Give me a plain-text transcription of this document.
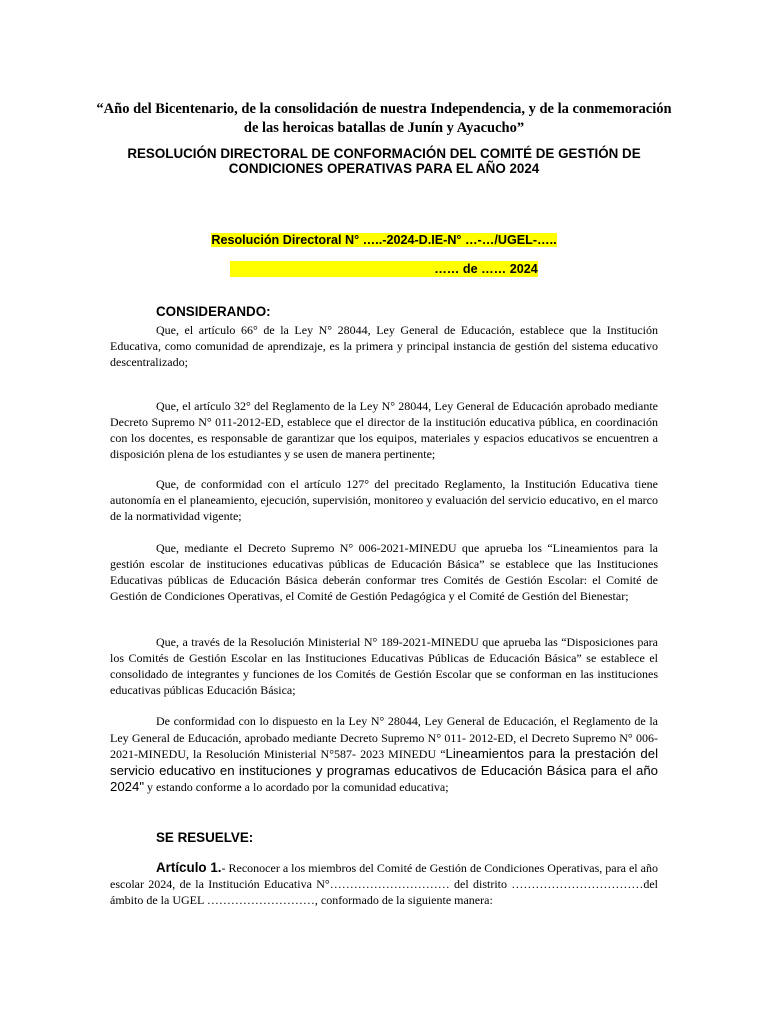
“Año del Bicentenario, de la consolidación de nuestra Independencia, y de la conmemoración de las heroicas batallas de Junín y Ayacucho”
RESOLUCIÓN DIRECTORAL DE CONFORMACIÓN DEL COMITÉ DE GESTIÓN DE CONDICIONES OPERATIVAS PARA EL AÑO 2024
Resolución Directoral N° …..-2024-D.IE-N° …-…/UGEL-…..
…… de …… 2024
CONSIDERANDO:

Que, el artículo 66° de la Ley N° 28044, Ley General de Educación, establece que la Institución Educativa, como comunidad de aprendizaje, es la primera y principal instancia de gestión del sistema educativo descentralizado;

Que, el artículo 32° del Reglamento de la Ley N° 28044, Ley General de Educación aprobado mediante Decreto Supremo N° 011-2012-ED, establece que el director de la institución educativa pública, en coordinación con los docentes, es responsable de garantizar que los equipos, materiales y espacios educativos se encuentren a disposición plena de los estudiantes y se usen de manera pertinente;

Que, de conformidad con el artículo 127° del precitado Reglamento, la Institución Educativa tiene autonomía en el planeamiento, ejecución, supervisión, monitoreo y evaluación del servicio educativo, en el marco de la normatividad vigente;

Que, mediante el Decreto Supremo N° 006-2021-MINEDU que aprueba los “Lineamientos para la gestión escolar de instituciones educativas públicas de Educación Básica” se establece que las Instituciones Educativas públicas de Educación Básica deberán conformar tres Comités de Gestión Escolar: el Comité de Gestión de Condiciones Operativas, el Comité de Gestión Pedagógica y el Comité de Gestión del Bienestar;

Que, a través de la Resolución Ministerial N° 189-2021-MINEDU que aprueba las “Disposiciones para los Comités de Gestión Escolar en las Instituciones Educativas Públicas de Educación Básica” se establece el consolidado de integrantes y funciones de los Comités de Gestión Escolar que se conforman en las instituciones educativas públicas Educación Básica;

De conformidad con lo dispuesto en la Ley N° 28044, Ley General de Educación, el Reglamento de la Ley General de Educación, aprobado mediante Decreto Supremo N° 011- 2012-ED, el Decreto Supremo N° 006-2021-MINEDU, la Resolución Ministerial N°587- 2023 MINEDU “Lineamientos para la prestación del servicio educativo en instituciones y programas educativos de Educación Básica para el año 2024" y estando conforme a lo acordado por la comunidad educativa;

SE RESUELVE:

Artículo 1.- Reconocer a los miembros del Comité de Gestión de Condiciones Operativas, para el año escolar 2024, de la Institución Educativa N°………………………… del distrito ……………………………del ámbito de la UGEL ………………………, conformado de la siguiente manera:
